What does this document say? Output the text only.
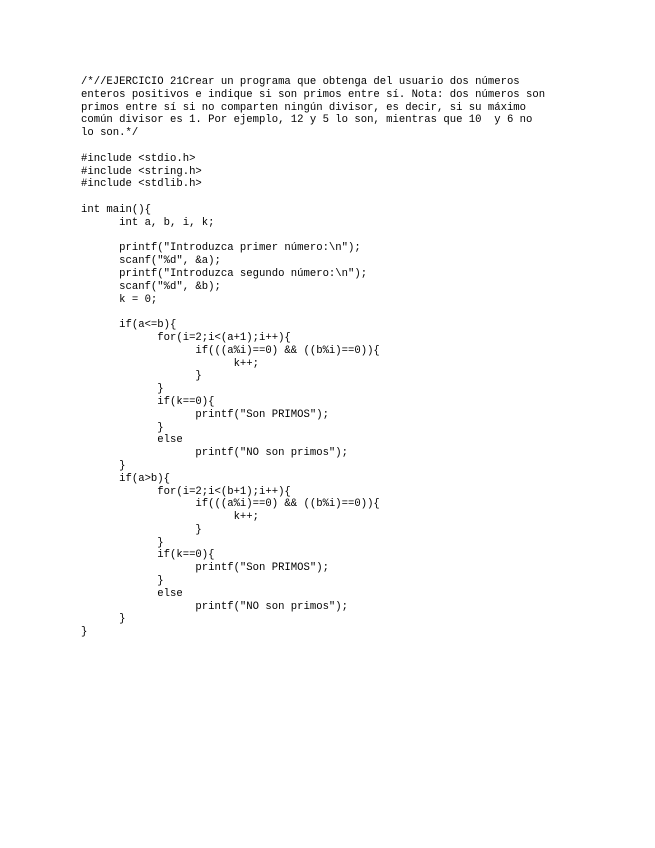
/*//EJERCICIO 21Crear un programa que obtenga del usuario dos números
enteros positivos e indique si son primos entre sí. Nota: dos números son
primos entre sí si no comparten ningún divisor, es decir, si su máximo
común divisor es 1. Por ejemplo, 12 y 5 lo son, mientras que 10  y 6 no
lo son.*/
#include <stdio.h>
#include <string.h>
#include <stdlib.h>
int main(){
int a, b, i, k;
printf("Introduzca primer número:\n");
scanf("%d", &a);
printf("Introduzca segundo número:\n");
scanf("%d", &b);
k = 0;
if(a<=b){
for(i=2;i<(a+1);i++){
if(((a%i)==0) && ((b%i)==0)){
k++;
}
}
if(k==0){
printf("Son PRIMOS");
}
else
printf("NO son primos");
}
if(a>b){
for(i=2;i<(b+1);i++){
if(((a%i)==0) && ((b%i)==0)){
k++;
}
}
if(k==0){
printf("Son PRIMOS");
}
else
printf("NO son primos");
}
}
